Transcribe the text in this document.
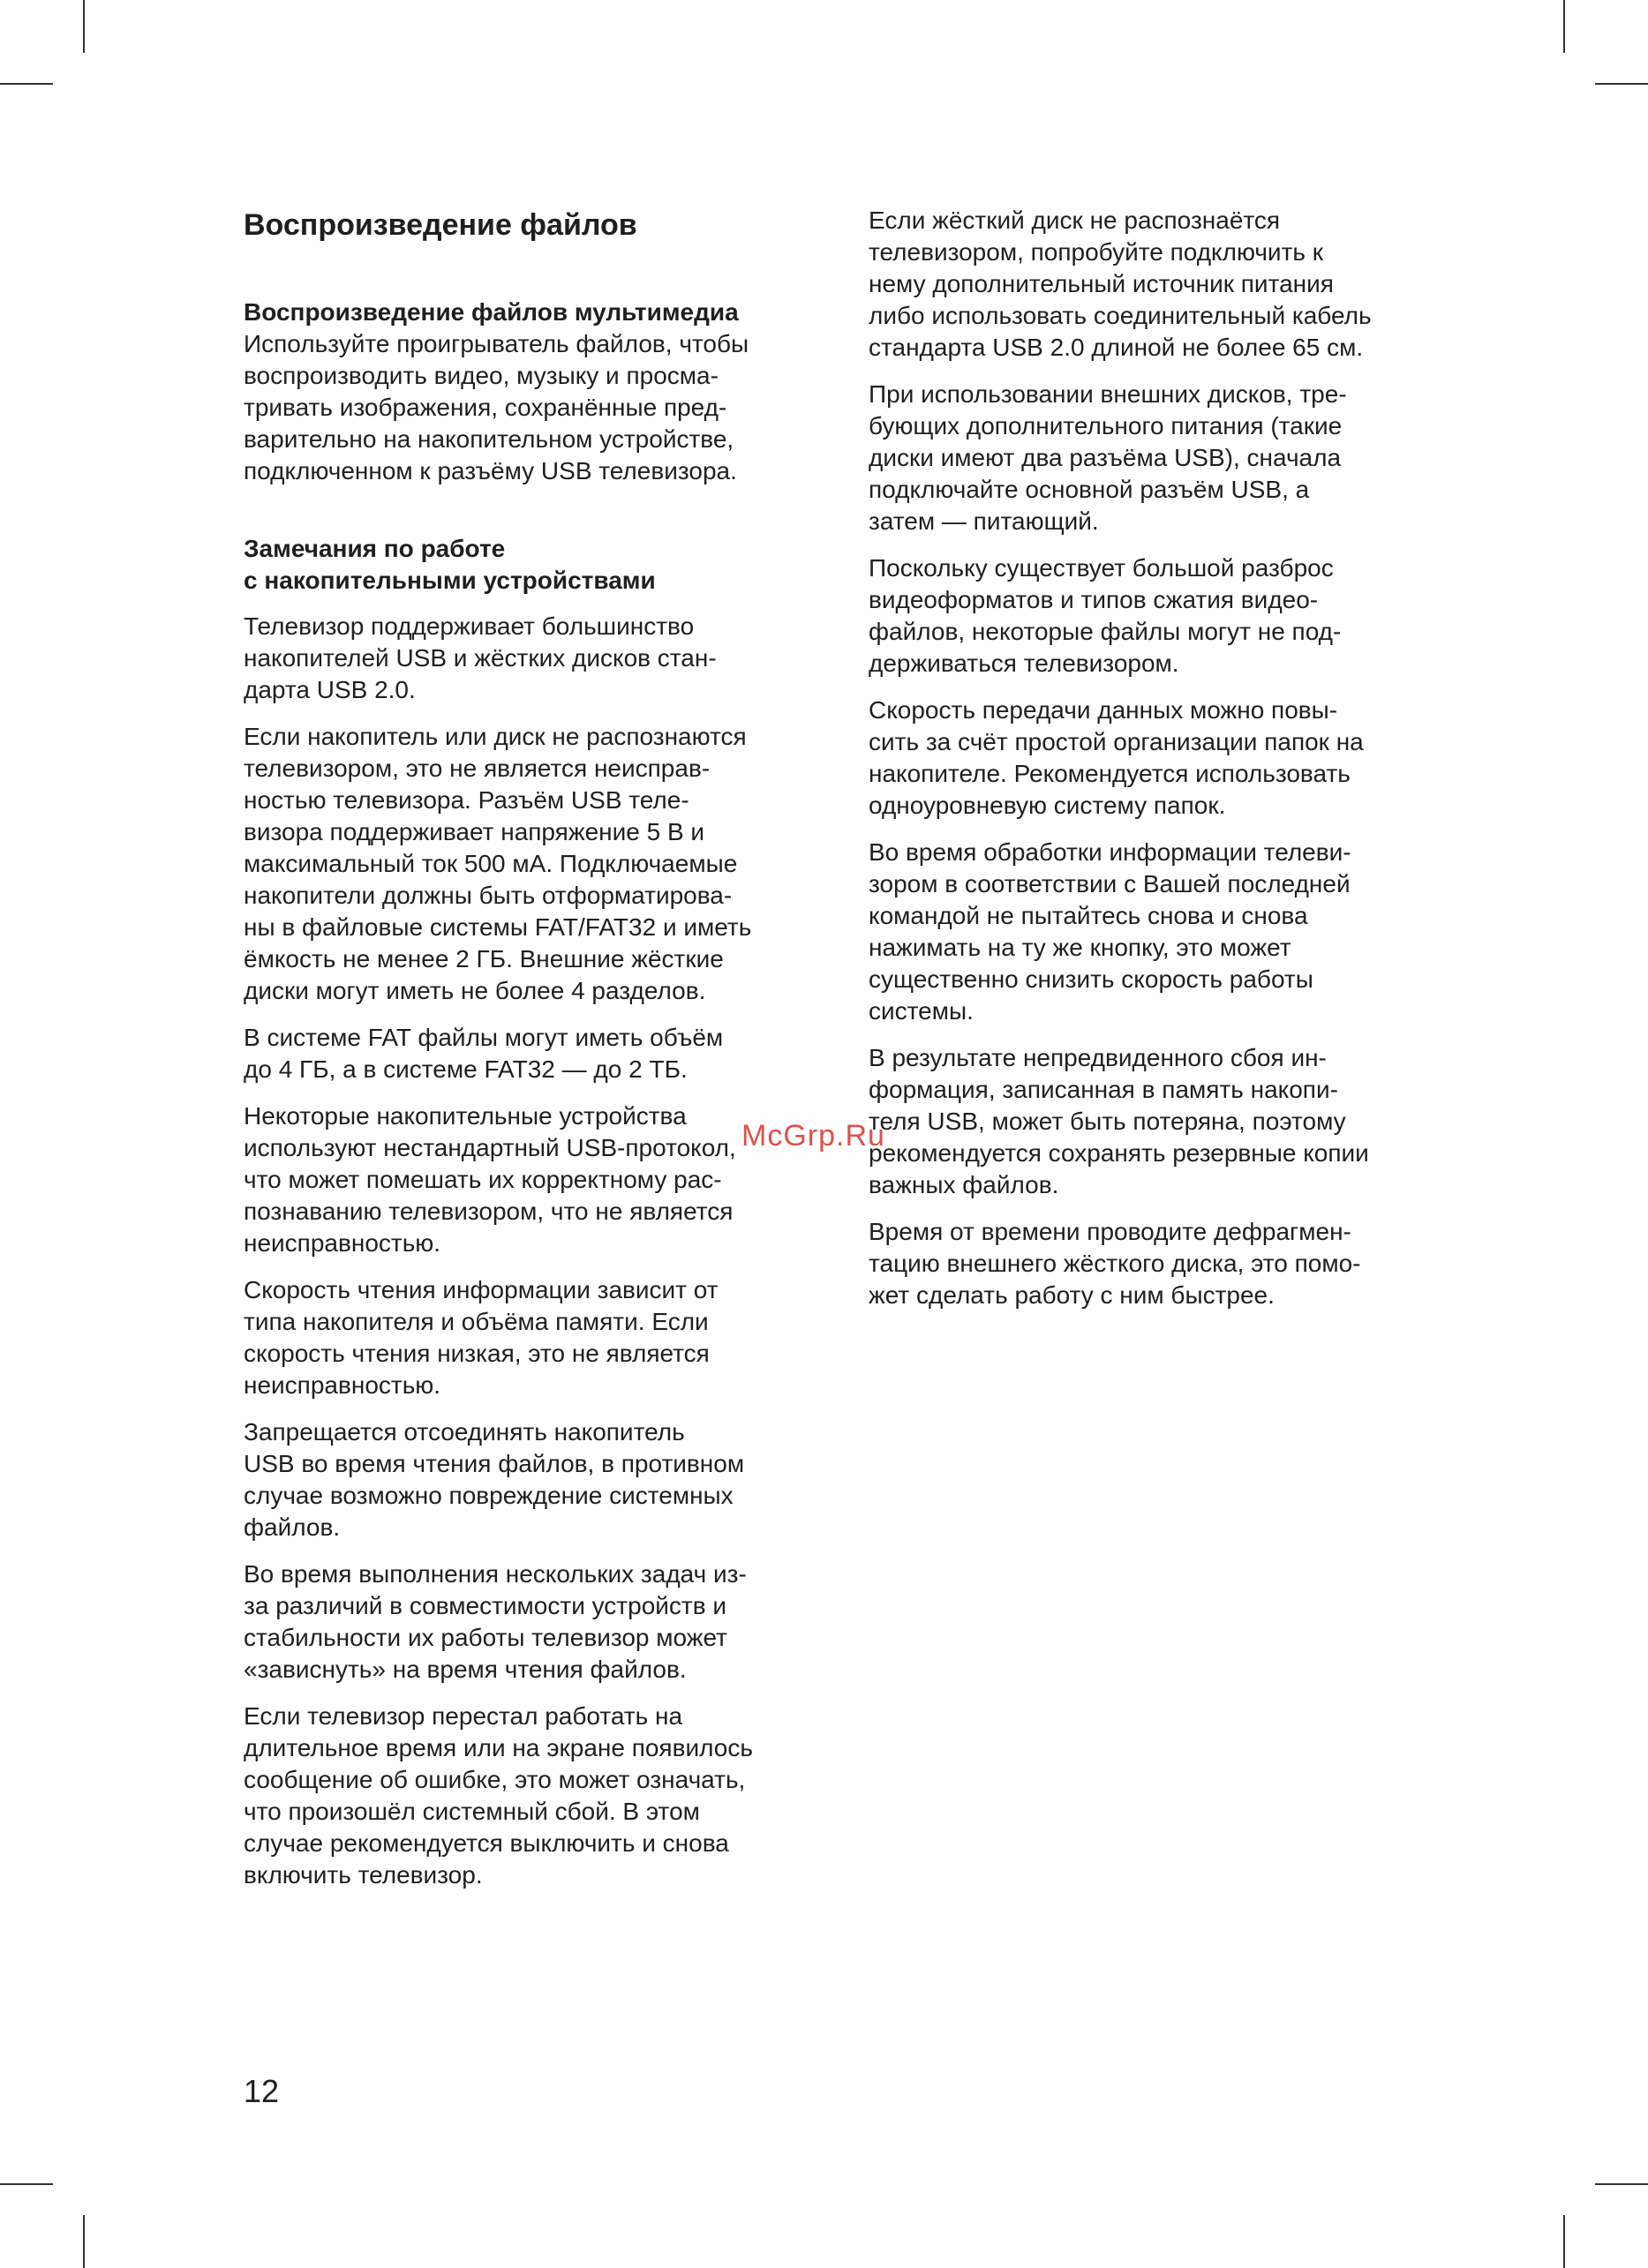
Воспроизведение файлов
Воспроизведение файлов мультимедиа

Используйте проигрыватель файлов, чтобы
воспроизводить видео, музыку и просма-
тривать изображения, сохранённые пред-
варительно на накопительном устройстве,
подключенном к разъёму USB телевизора.

Замечания по работе
с накопительными устройствами

Телевизор поддерживает большинство
накопителей USB и жёстких дисков стан-
дарта USB 2.0.

Если накопитель или диск не распознаются
телевизором, это не является неисправ-
ностью телевизора. Разъём USB теле-
визора поддерживает напряжение 5 В и
максимальный ток 500 мА. Подключаемые
накопители должны быть отформатирова-
ны в файловые системы FAT/FAT32 и иметь
ёмкость не менее 2 ГБ. Внешние жёсткие
диски могут иметь не более 4 разделов.

В системе FAT файлы могут иметь объём
до 4 ГБ, а в системе FAT32 — до 2 ТБ.

Некоторые накопительные устройства
используют нестандартный USB-протокол,
что может помешать их корректному рас-
познаванию телевизором, что не является
неисправностью.

Скорость чтения информации зависит от
типа накопителя и объёма памяти. Если
скорость чтения низкая, это не является
неисправностью.

Запрещается отсоединять накопитель
USB во время чтения файлов, в противном
случае возможно повреждение системных
файлов.

Во время выполнения нескольких задач из-
за различий в совместимости устройств и
стабильности их работы телевизор может
«зависнуть» на время чтения файлов.

Если телевизор перестал работать на
длительное время или на экране появилось
сообщение об ошибке, это может означать,
что произошёл системный сбой. В этом
случае рекомендуется выключить и снова
включить телевизор.

Если жёсткий диск не распознаётся
телевизором, попробуйте подключить к
нему дополнительный источник питания
либо использовать соединительный кабель
стандарта USB 2.0 длиной не более 65 см.

При использовании внешних дисков, тре-
бующих дополнительного питания (такие
диски имеют два разъёма USB), сначала
подключайте основной разъём USB, а
затем — питающий.

Поскольку существует большой разброс
видеоформатов и типов сжатия видео-
файлов, некоторые файлы могут не под-
держиваться телевизором.

Скорость передачи данных можно повы-
сить за счёт простой организации папок на
накопителе. Рекомендуется использовать
одноуровневую систему папок.

Во время обработки информации телеви-
зором в соответствии с Вашей последней
командой не пытайтесь снова и снова
нажимать на ту же кнопку, это может
существенно снизить скорость работы
системы.

В результате непредвиденного сбоя ин-
формация, записанная в память накопи-
теля USB, может быть потеряна, поэтому
рекомендуется сохранять резервные копии
важных файлов.

Время от времени проводите дефрагмен-
тацию внешнего жёсткого диска, это помо-
жет сделать работу с ним быстрее.

McGrp.Ru
12
